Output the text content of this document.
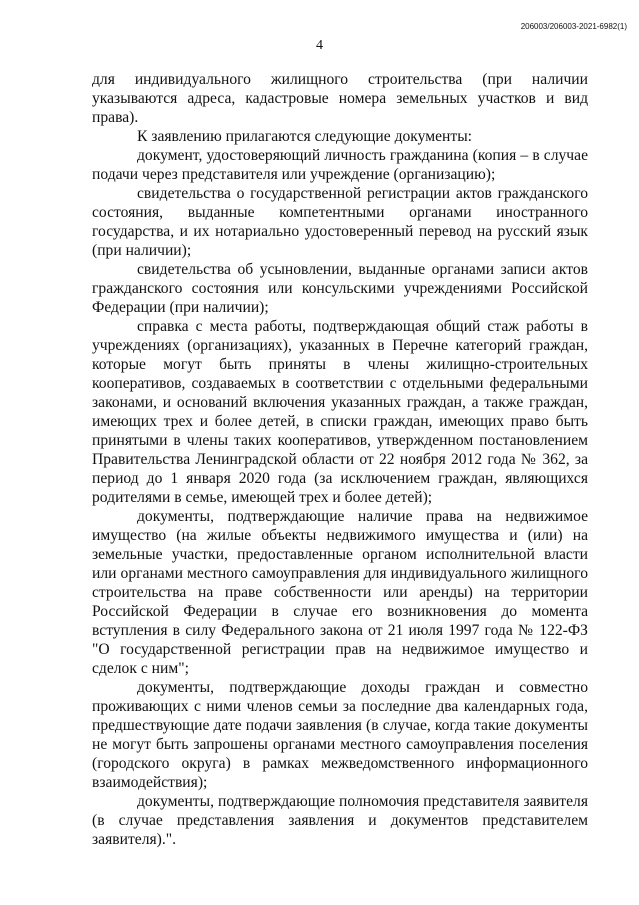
206003/206003-2021-6982(1)
4

для индивидуального жилищного строительства (при наличии указываются адреса, кадастровые номера земельных участков и вид права).

К заявлению прилагаются следующие документы:

документ, удостоверяющий личность гражданина (копия – в случае подачи через представителя или учреждение (организацию);

свидетельства о государственной регистрации актов гражданского состояния, выданные компетентными органами иностранного государства, и их нотариально удостоверенный перевод на русский язык (при наличии);

свидетельства об усыновлении, выданные органами записи актов гражданского состояния или консульскими учреждениями Российской Федерации (при наличии);

справка с места работы, подтверждающая общий стаж работы в учреждениях (организациях), указанных в Перечне категорий граждан, которые могут быть приняты в члены жилищно-строительных кооперативов, создаваемых в соответствии с отдельными федеральными законами, и оснований включения указанных граждан, а также граждан, имеющих трех и более детей, в списки граждан, имеющих право быть принятыми в члены таких кооперативов, утвержденном постановлением Правительства Ленинградской области от 22 ноября 2012 года № 362, за период до 1 января 2020 года (за исключением граждан, являющихся родителями в семье, имеющей трех и более детей);

документы, подтверждающие наличие права на недвижимое имущество (на жилые объекты недвижимого имущества и (или) на земельные участки, предоставленные органом исполнительной власти или органами местного самоуправления для индивидуального жилищного строительства на праве собственности или аренды) на территории Российской Федерации в случае его возникновения до момента вступления в силу Федерального закона от 21 июля 1997 года № 122-ФЗ "О государственной регистрации прав на недвижимое имущество и сделок с ним";

документы, подтверждающие доходы граждан и совместно проживающих с ними членов семьи за последние два календарных года, предшествующие дате подачи заявления (в случае, когда такие документы не могут быть запрошены органами местного самоуправления поселения (городского округа) в рамках межведомственного информационного взаимодействия);

документы, подтверждающие полномочия представителя заявителя (в случае представления заявления и документов представителем заявителя).".
